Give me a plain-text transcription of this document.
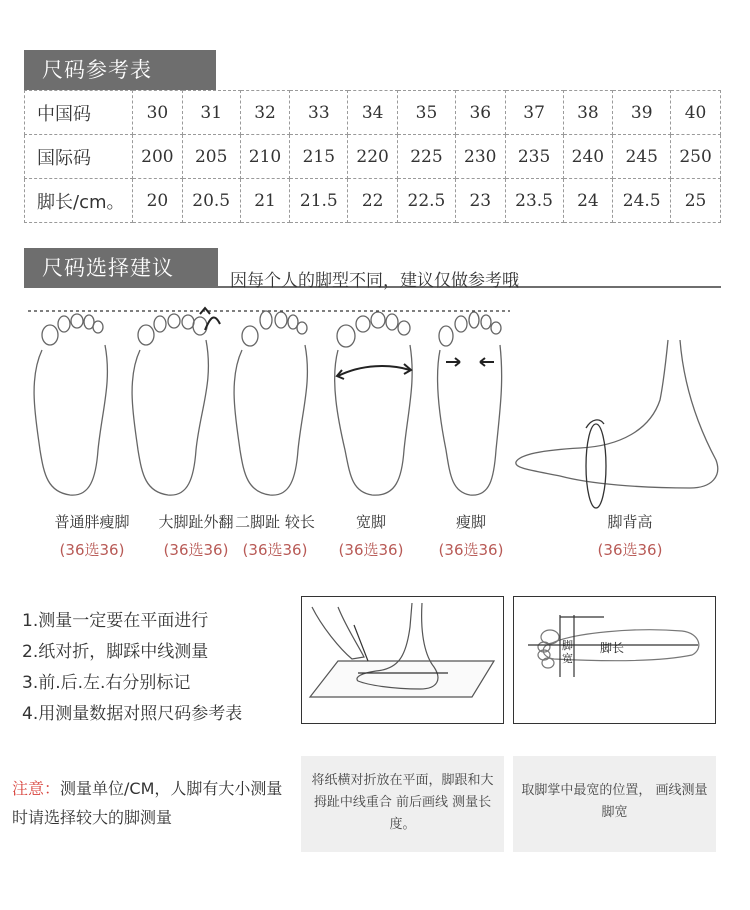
尺码参考表
中国码	30	31	32	33	34	35	36	37	38	39	40
国际码	200	205	210	215	220	225	230	235	240	245	250
脚长/cm。	20	20.5	21	21.5	22	22.5	23	23.5	24	24.5	25
尺码选择建议
因每个人的脚型不同，建议仅做参考哦
普通胖瘦脚
(36选36)
大脚趾外翻
(36选36)
二脚趾 较长
(36选36)
宽脚
(36选36)
瘦脚
(36选36)
脚背高
(36选36)
1.测量一定要在平面进行
2.纸对折，脚踩中线测量
3.前.后.左.右分别标记
4.用测量数据对照尺码参考表
脚宽
脚长
注意：测量单位/CM，人脚有大小测量时请选择较大的脚测量
将纸横对折放在平面，脚跟和大拇趾中线重合 前后画线 测量长度。
取脚掌中最宽的位置， 画线测量脚宽
